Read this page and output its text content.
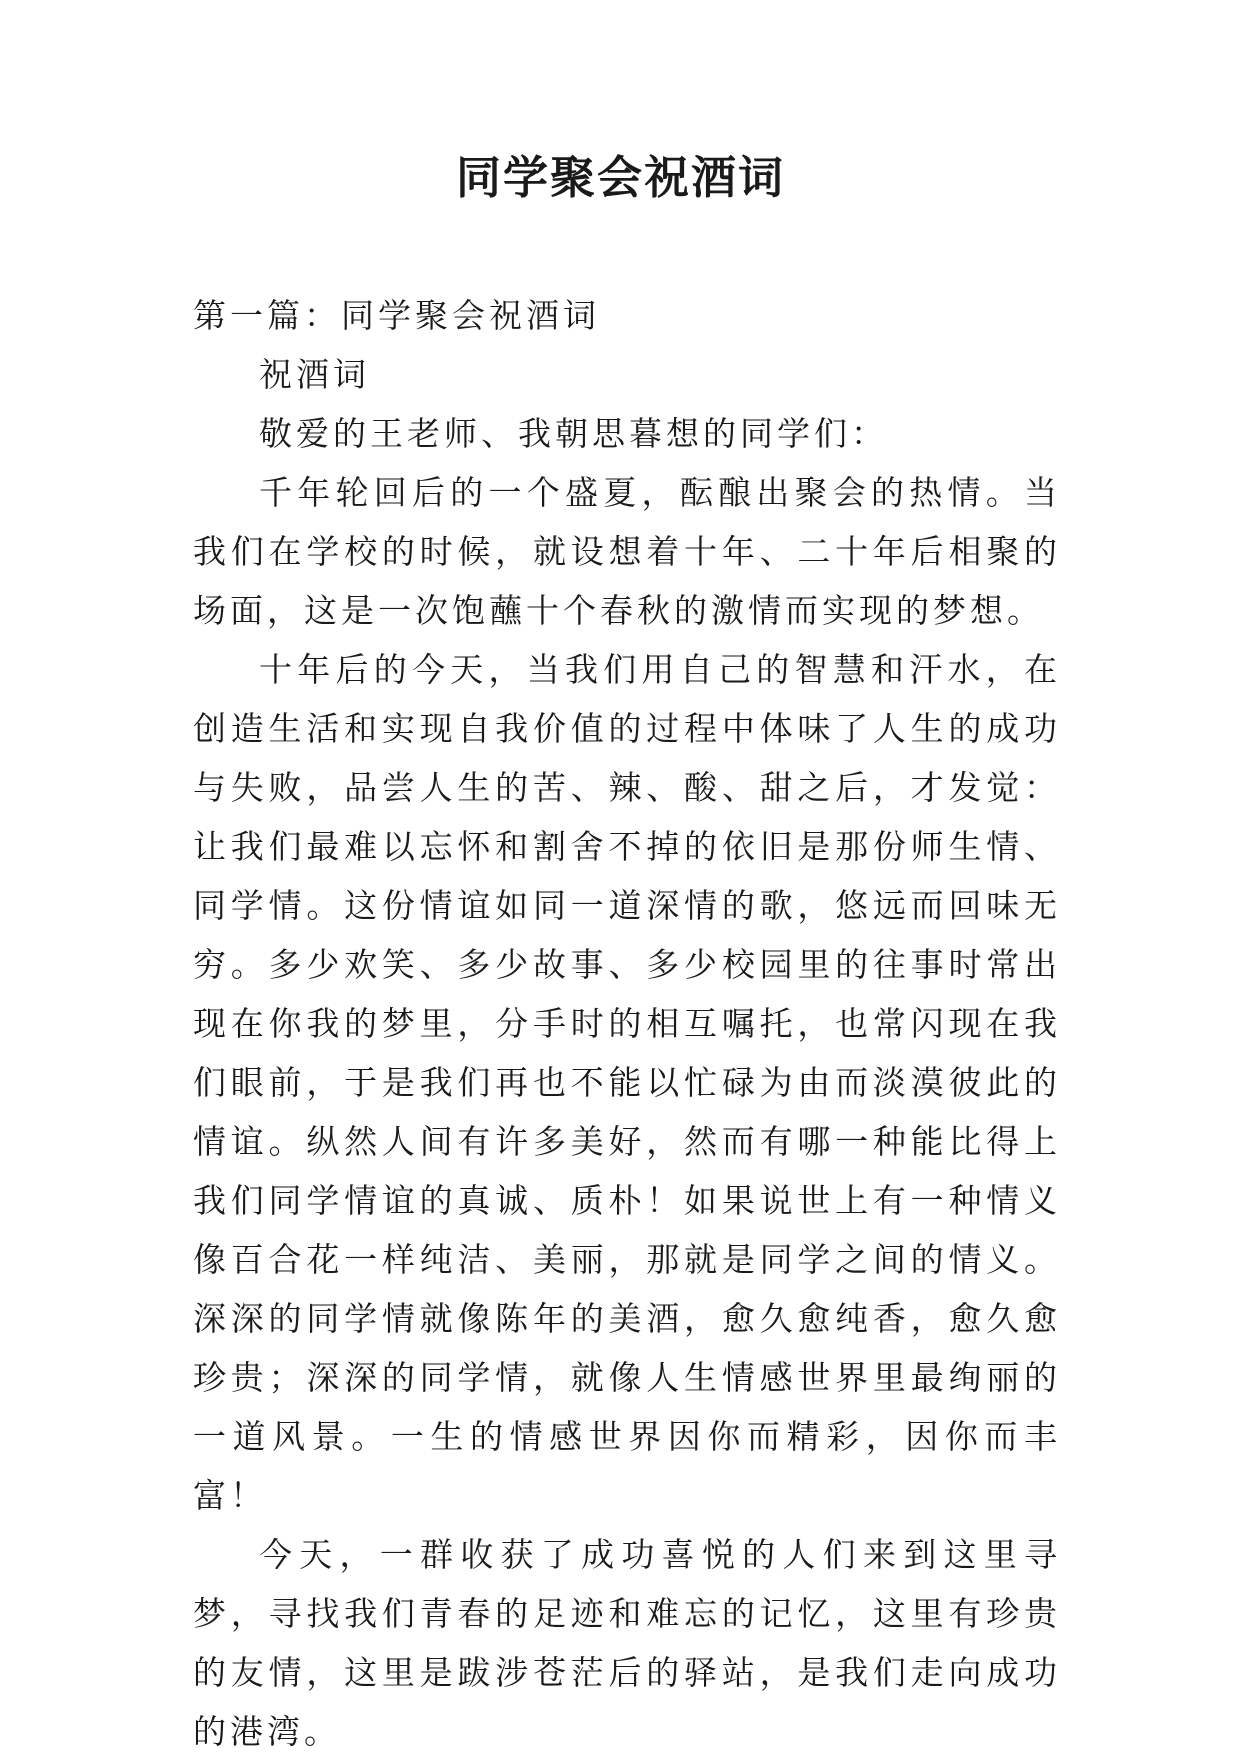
同学聚会祝酒词

第一篇：同学聚会祝酒词

祝酒词

敬爱的王老师、我朝思暮想的同学们：

千年轮回后的一个盛夏，酝酿出聚会的热情。当我们在学校的时候，就设想着十年、二十年后相聚的场面，这是一次饱蘸十个春秋的激情而实现的梦想。

十年后的今天，当我们用自己的智慧和汗水，在创造生活和实现自我价值的过程中体味了人生的成功与失败，品尝人生的苦、辣、酸、甜之后，才发觉：让我们最难以忘怀和割舍不掉的依旧是那份师生情、同学情。这份情谊如同一道深情的歌，悠远而回味无穷。多少欢笑、多少故事、多少校园里的往事时常出现在你我的梦里，分手时的相互嘱托，也常闪现在我们眼前，于是我们再也不能以忙碌为由而淡漠彼此的情谊。纵然人间有许多美好，然而有哪一种能比得上我们同学情谊的真诚、质朴！如果说世上有一种情义像百合花一样纯洁、美丽，那就是同学之间的情义。深深的同学情就像陈年的美酒，愈久愈纯香，愈久愈珍贵；深深的同学情，就像人生情感世界里最绚丽的一道风景。一生的情感世界因你而精彩，因你而丰富！

今天，一群收获了成功喜悦的人们来到这里寻梦，寻找我们青春的足迹和难忘的记忆，这里有珍贵的友情，这里是跋涉苍茫后的驿站，是我们走向成功的港湾。
